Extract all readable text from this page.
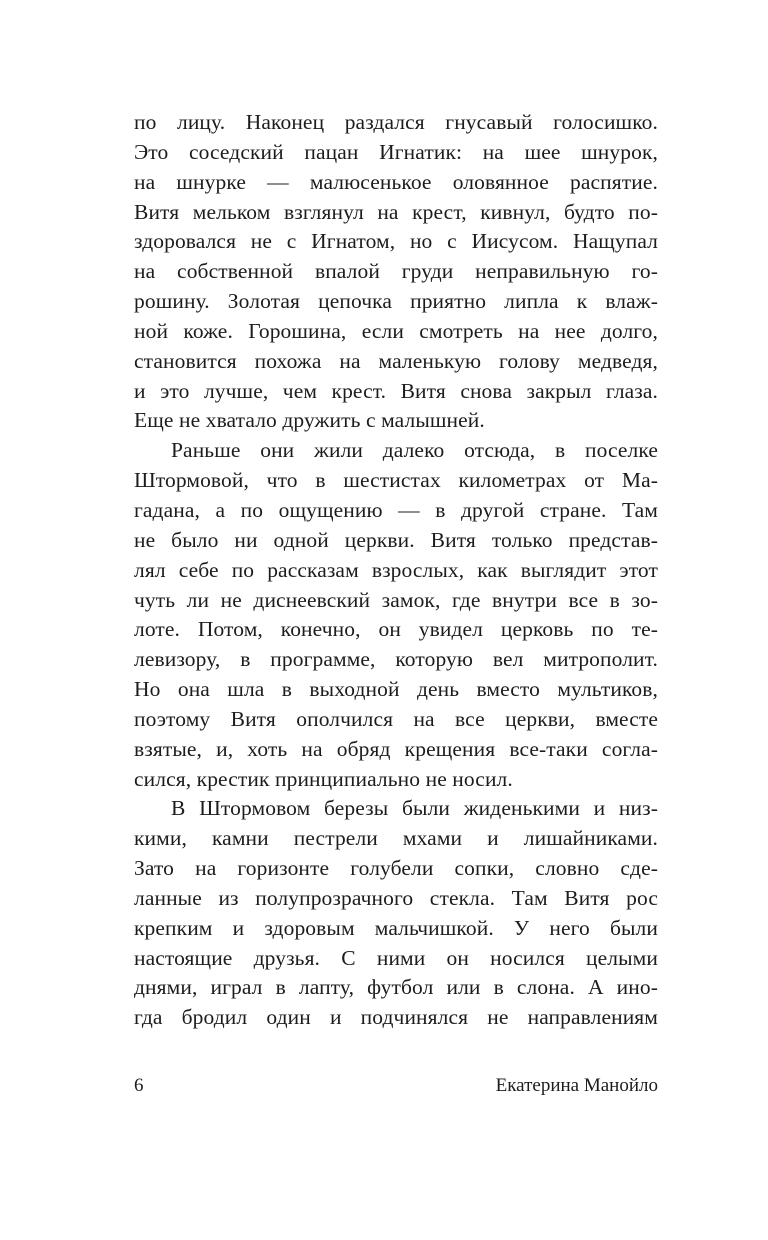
по лицу. Наконец раздался гнусавый голосишко.
Это соседский пацан Игнатик: на шее шнурок,
на шнурке — малюсенькое оловянное распятие.
Витя мельком взглянул на крест, кивнул, будто по-
здоровался не с Игнатом, но с Иисусом. Нащупал
на собственной впалой груди неправильную го-
рошину. Золотая цепочка приятно липла к влаж-
ной коже. Горошина, если смотреть на нее долго,
становится похожа на маленькую голову медведя,
и это лучше, чем крест. Витя снова закрыл глаза.
Еще не хватало дружить с малышней.
Раньше они жили далеко отсюда, в поселке
Штормовой, что в шестистах километрах от Ма-
гадана, а по ощущению — в другой стране. Там
не было ни одной церкви. Витя только представ-
лял себе по рассказам взрослых, как выглядит этот
чуть ли не диснеевский замок, где внутри все в зо-
лоте. Потом, конечно, он увидел церковь по те-
левизору, в программе, которую вел митрополит.
Но она шла в выходной день вместо мультиков,
поэтому Витя ополчился на все церкви, вместе
взятые, и, хоть на обряд крещения все-таки согла-
сился, крестик принципиально не носил.
В Штормовом березы были жиденькими и низ-
кими, камни пестрели мхами и лишайниками.
Зато на горизонте голубели сопки, словно сде-
ланные из полупрозрачного стекла. Там Витя рос
крепким и здоровым мальчишкой. У него были
настоящие друзья. С ними он носился целыми
днями, играл в лапту, футбол или в слона. А ино-
гда бродил один и подчинялся не направлениям
6	Екатерина Манойло
